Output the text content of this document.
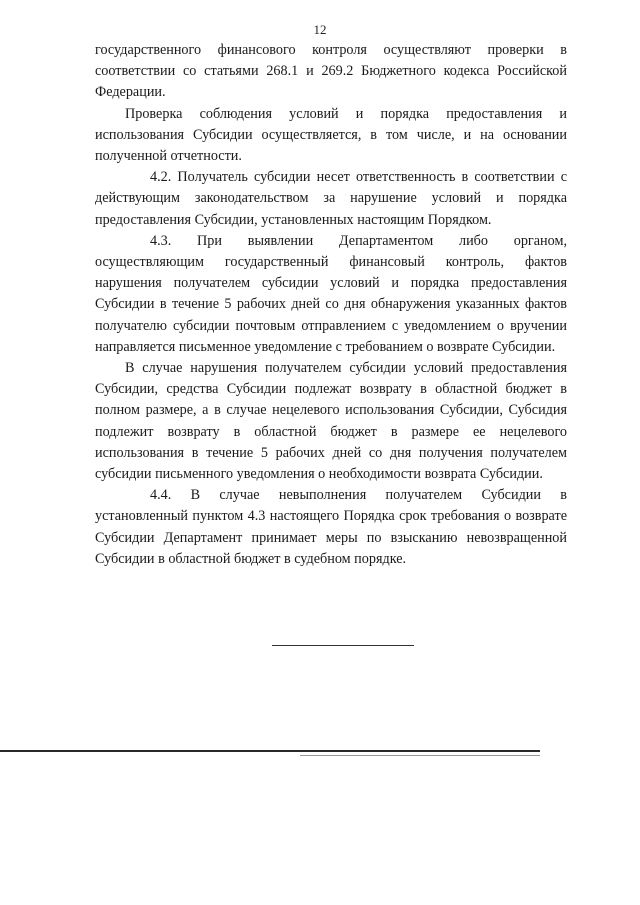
12

государственного финансового контроля осуществляют проверки в соответствии со статьями 268.1 и 269.2 Бюджетного кодекса Российской Федерации.

Проверка соблюдения условий и порядка предоставления и использования Субсидии осуществляется, в том числе, и на основании полученной отчетности.

4.2. Получатель субсидии несет ответственность в соответствии с действующим законодательством за нарушение условий и порядка предоставления Субсидии, установленных настоящим Порядком.

4.3. При выявлении Департаментом либо органом, осуществляющим государственный финансовый контроль, фактов нарушения получателем субсидии условий и порядка предоставления Субсидии в течение 5 рабочих дней со дня обнаружения указанных фактов получателю субсидии почтовым отправлением с уведомлением о вручении направляется письменное уведомление с требованием о возврате Субсидии.

В случае нарушения получателем субсидии условий предоставления Субсидии, средства Субсидии подлежат возврату в областной бюджет в полном размере, а в случае нецелевого использования Субсидии, Субсидия подлежит возврату в областной бюджет в размере ее нецелевого использования в течение 5 рабочих дней со дня получения получателем субсидии письменного уведомления о необходимости возврата Субсидии.

4.4. В случае невыполнения получателем Субсидии в установленный пунктом 4.3 настоящего Порядка срок требования о возврате Субсидии Департамент принимает меры по взысканию невозвращенной Субсидии в областной бюджет в судебном порядке.
